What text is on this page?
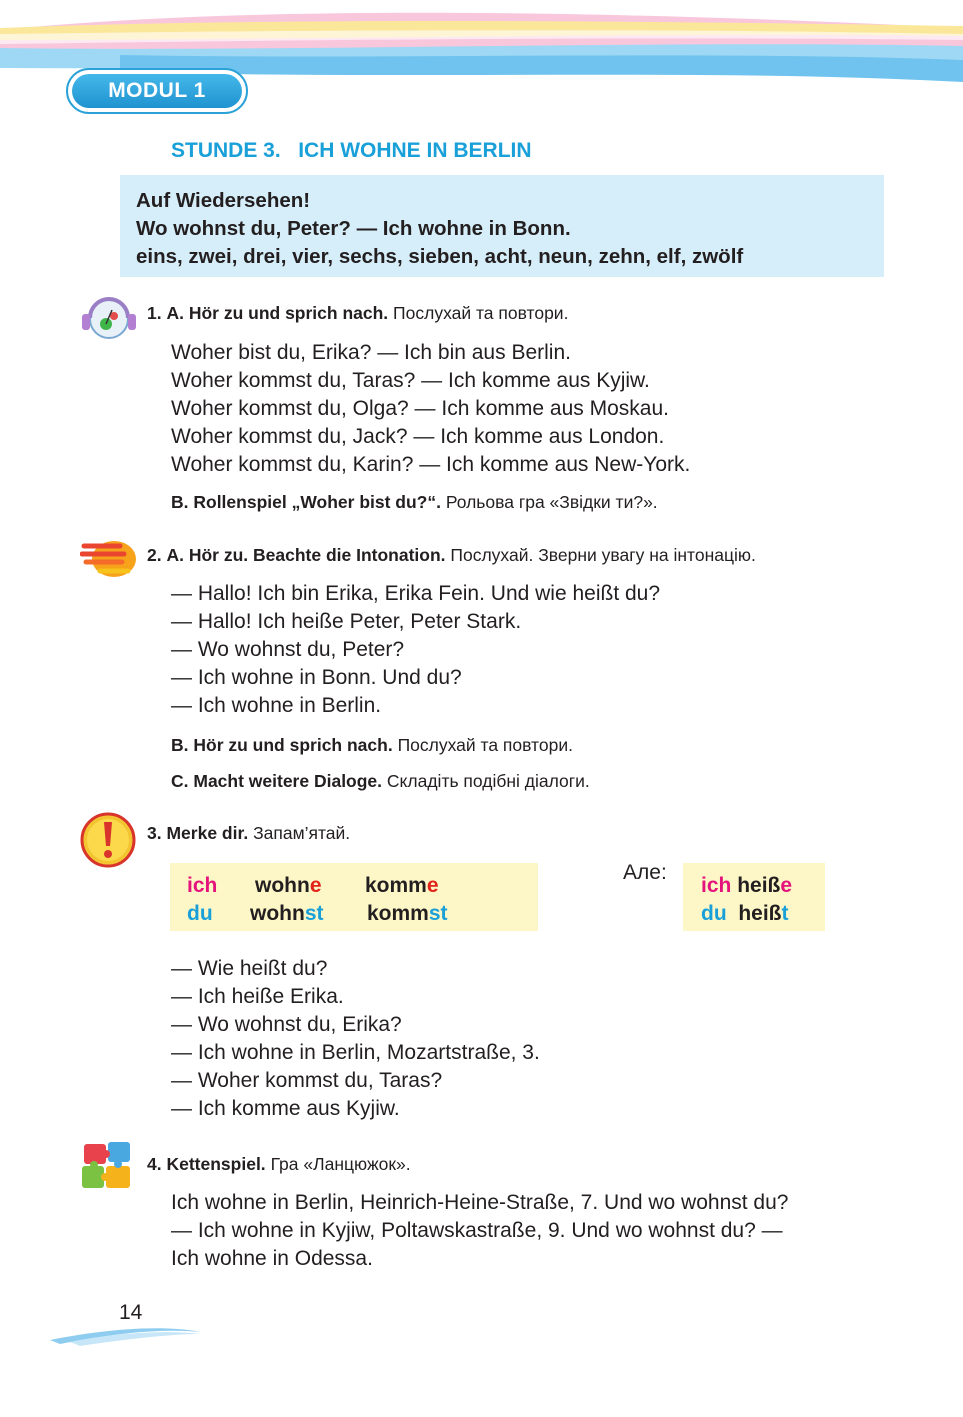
MODUL 1
STUNDE 3.   ICH WOHNE IN BERLIN
Auf Wiedersehen!
Wo wohnst du, Peter? — Ich wohne in Bonn.
eins, zwei, drei, vier, sechs, sieben, acht, neun, zehn, elf, zwölf
1. A. Hör zu und sprich nach. Послухай та повтори.
Woher bist du, Erika? — Ich bin aus Berlin.
Woher kommst du, Taras? — Ich komme aus Kyjiw.
Woher kommst du, Olga? — Ich komme aus Moskau.
Woher kommst du, Jack? — Ich komme aus London.
Woher kommst du, Karin? — Ich komme aus New-York.
B. Rollenspiel „Woher bist du?“. Рольова гра «Звідки ти?».
2. A. Hör zu. Beachte die Intonation. Послухай. Зверни увагу на інтонацію.
— Hallo! Ich bin Erika, Erika Fein. Und wie heißt du?
— Hallo! Ich heiße Peter, Peter Stark.
— Wo wohnst du, Peter?
— Ich wohne in Bonn. Und du?
— Ich wohne in Berlin.
B. Hör zu und sprich nach. Послухай та повтори.
C. Macht weitere Dialoge. Складіть подібні діалоги.
3. Merke dir. Запам’ятай.
ich wohne komme
du wohnst kommst
Але:
ich heiße
du heißt
— Wie heißt du?
— Ich heiße Erika.
— Wo wohnst du, Erika?
— Ich wohne in Berlin, Mozartstraße, 3.
— Woher kommst du, Taras?
— Ich komme aus Kyjiw.
4. Kettenspiel. Гра «Ланцюжок».
Ich wohne in Berlin, Heinrich-Heine-Straße, 7. Und wo wohnst du?
— Ich wohne in Kyjiw, Poltawskastraße, 9. Und wo wohnst du? —
Ich wohne in Odessa.
14
